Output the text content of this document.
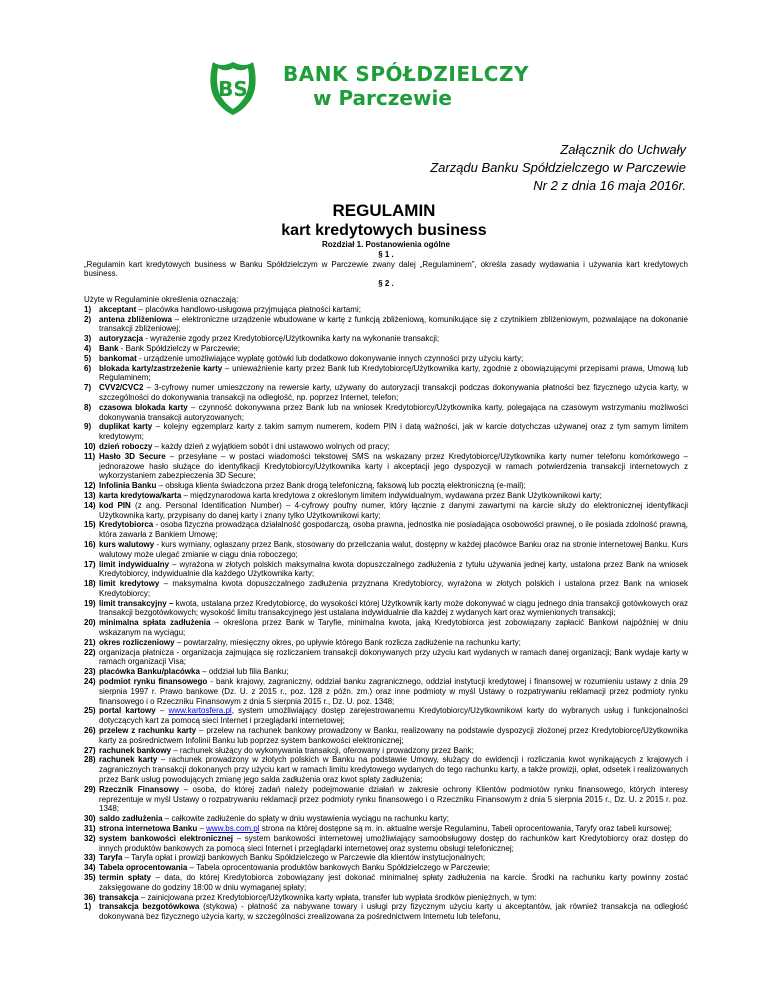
BS
BANK SPÓŁDZIELCZY
w Parczewie
Załącznik do Uchwały
Zarządu Banku Spółdzielczego w Parczewie
Nr 2 z dnia 16 maja 2016r.
REGULAMIN
kart kredytowych business
Rozdział 1. Postanowienia ogólne
§ 1 .
„Regulamin kart kredytowych business w Banku Spółdzielczym w Parczewie zwany dalej „Regulaminem”, określa zasady wydawania i używania kart kredytowych business.
§ 2 .
Użyte w Regulaminie określenia oznaczają:
1) akceptant – placówka handlowo-usługowa przyjmująca płatności kartami;
2) antena zbliżeniowa – elektroniczne urządzenie wbudowane w kartę z funkcją zbliżeniową, komunikujące się z czytnikiem zbliżeniowym, pozwalające na dokonanie transakcji zbliżeniowej;
3) autoryzacja - wyrażenie zgody przez Kredytobiorcę/Użytkownika karty na wykonanie transakcji;
4) Bank - Bank Spółdzielczy w Parczewie;
5) bankomat - urządzenie umożliwiające wypłatę gotówki lub dodatkowo dokonywanie innych czynności przy użyciu karty;
6) blokada karty/zastrzeżenie karty – unieważnienie karty przez Bank lub Kredytobiorcę/Użytkownika karty, zgodnie z obowiązującymi przepisami prawa, Umową lub Regulaminem;
7) CVV2/CVC2 – 3-cyfrowy numer umieszczony na rewersie karty, używany do autoryzacji transakcji podczas dokonywania płatności bez fizycznego użycia karty, w szczególności do dokonywania transakcji na odległość, np. poprzez Internet, telefon;
8) czasowa blokada karty – czynność dokonywana przez Bank lub na wniosek Kredytobiorcy/Użytkownika karty, polegająca na czasowym wstrzymaniu możliwości dokonywania transakcji autoryzowanych;
9) duplikat karty – kolejny egzemplarz karty z takim samym numerem, kodem PIN i datą ważności, jak w karcie dotychczas używanej oraz z tym samym limitem kredytowym;
10) dzień roboczy – każdy dzień z wyjątkiem sobót i dni ustawowo wolnych od pracy;
11) Hasło 3D Secure – przesyłane – w postaci wiadomości tekstowej SMS na wskazany przez Kredytobiorcę/Użytkownika karty numer telefonu komórkowego – jednorazowe hasło służące do identyfikacji Kredytobiorcy/Użytkownika karty i akceptacji jego dyspozycji w ramach potwierdzenia transakcji internetowych z wykorzystaniem zabezpieczenia 3D Secure;
12) Infolinia Banku – obsługa klienta świadczona przez Bank drogą telefoniczną, faksową lub pocztą elektroniczną (e-mail);
13) karta kredytowa/karta – międzynarodowa karta kredytowa z określonym limitem indywidualnym, wydawana przez Bank Użytkownikowi karty;
14) kod PIN (z ang. Personal Identification Number) – 4-cyfrowy poufny numer, który łącznie z danymi zawartymi na karcie służy do elektronicznej identyfikacji Użytkownika karty, przypisany do danej karty i znany tylko Użytkownikowi karty;
15) Kredytobiorca - osoba fizyczna prowadząca działalność gospodarczą, osoba prawna, jednostka nie posiadająca osobowości prawnej, o ile posiada zdolność prawną, która zawarła z Bankiem Umowę;
16) kurs walutowy - kurs wymiany, ogłaszany przez Bank, stosowany do przeliczania walut, dostępny w każdej placówce Banku oraz na stronie internetowej Banku. Kurs walutowy może ulegać zmianie w ciągu dnia roboczego;
17) limit indywidualny – wyrażona w złotych polskich maksymalna kwota dopuszczalnego zadłużenia z tytułu używania jednej karty, ustalona przez Bank na wniosek Kredytobiorcy, indywidualnie dla każdego Użytkownika karty;
18) limit kredytowy – maksymalna kwota dopuszczalnego zadłużenia przyznana Kredytobiorcy, wyrażona w złotych polskich i ustalona przez Bank na wniosek Kredytobiorcy;
19) limit transakcyjny – kwota, ustalana przez Kredytobiorcę, do wysokości której Użytkownik karty może dokonywać w ciągu jednego dnia transakcji gotówkowych oraz transakcji bezgotówkowych; wysokość limitu transakcyjnego jest ustalana indywidualnie dla każdej z wydanych kart oraz wymienionych transakcji;
20) minimalna spłata zadłużenia – określona przez Bank w Taryfie, minimalna kwota, jaką Kredytobiorca jest zobowiązany zapłacić Bankowi najpóźniej w dniu wskazanym na wyciągu;
21) okres rozliczeniowy – powtarzalny, miesięczny okres, po upływie którego Bank rozlicza zadłużenie na rachunku karty;
22) organizacja płatnicza - organizacja zajmująca się rozliczaniem transakcji dokonywanych przy użyciu kart wydanych w ramach danej organizacji; Bank wydaje karty w ramach organizacji Visa;
23) placówka Banku/placówka – oddział lub filia Banku;
24) podmiot rynku finansowego - bank krajowy, zagraniczny, oddział banku zagranicznego, oddział instytucji kredytowej i finansowej w rozumieniu ustawy z dnia 29 sierpnia 1997 r. Prawo bankowe (Dz. U. z 2015 r., poz. 128 z późn. zm.) oraz inne podmioty w myśl Ustawy o rozpatrywaniu reklamacji przez podmioty rynku finansowego i o Rzeczniku Finansowym z dnia 5 sierpnia 2015 r., Dz. U. poz. 1348;
25) portal kartowy – www.kartosfera.pl, system umożliwiający dostęp zarejestrowanemu Kredytobiorcy/Użytkownikowi karty do wybranych usług i funkcjonalności dotyczących kart za pomocą sieci Internet i przeglądarki internetowej;
26) przelew z rachunku karty – przelew na rachunek bankowy prowadzony w Banku, realizowany na podstawie dyspozycji złożonej przez Kredytobiorcę/Użytkownika karty za pośrednictwem Infolinii Banku lub poprzez system bankowości elektronicznej;
27) rachunek bankowy – rachunek służący do wykonywania transakcji, oferowany i prowadzony przez Bank;
28) rachunek karty – rachunek prowadzony w złotych polskich w Banku na podstawie Umowy, służący do ewidencji i rozliczania kwot wynikających z krajowych i zagranicznych transakcji dokonanych przy użyciu kart w ramach limitu kredytowego wydanych do tego rachunku karty, a także prowizji, opłat, odsetek i realizowanych przez Bank usług powodujących zmianę jego salda zadłużenia oraz kwot spłaty zadłużenia;
29) Rzecznik Finansowy – osoba, do której zadań należy podejmowanie działań w zakresie ochrony Klientów podmiotów rynku finansowego, których interesy reprezentuje w myśl Ustawy o rozpatrywaniu reklamacji przez podmioty rynku finansowego i o Rzeczniku Finansowym z dnia 5 sierpnia 2015 r., Dz. U. z 2015 r. poz. 1348;
30) saldo zadłużenia – całkowite zadłużenie do spłaty w dniu wystawienia wyciągu na rachunku karty;
31) strona internetowa Banku – www.bs.com.pl strona na której dostępne są m. in. aktualne wersje Regulaminu, Tabeli oprocentowania, Taryfy oraz tabeli kursowej;
32) system bankowości elektronicznej – system bankowości internetowej umożliwiający samoobsługowy dostęp do rachunków kart Kredytobiorcy oraz dostęp do innych produktów bankowych za pomocą sieci Internet i przeglądarki internetowej oraz systemu obsługi telefonicznej;
33) Taryfa – Taryfa opłat i prowizji bankowych Banku Spółdzielczego w Parczewie dla klientów instytucjonalnych;
34) Tabela oprocentowania – Tabela oprocentowania produktów bankowych Banku Spółdzielczego w Parczewie;
35) termin spłaty – data, do której Kredytobiorca zobowiązany jest dokonać minimalnej spłaty zadłużenia na karcie. Środki na rachunku karty powinny zostać zaksięgowane do godziny 18:00 w dniu wymaganej spłaty;
36) transakcja – zainicjowana przez Kredytobiorcę/Użytkownika karty wpłata, transfer lub wypłata środków pieniężnych, w tym:
1) transakcja bezgotówkowa (stykowa) - płatność za nabywane towary i usługi przy fizycznym użyciu karty u akceptantów, jak również transakcja na odległość dokonywana bez fizycznego użycia karty, w szczególności zrealizowana za pośrednictwem Internetu lub telefonu,
